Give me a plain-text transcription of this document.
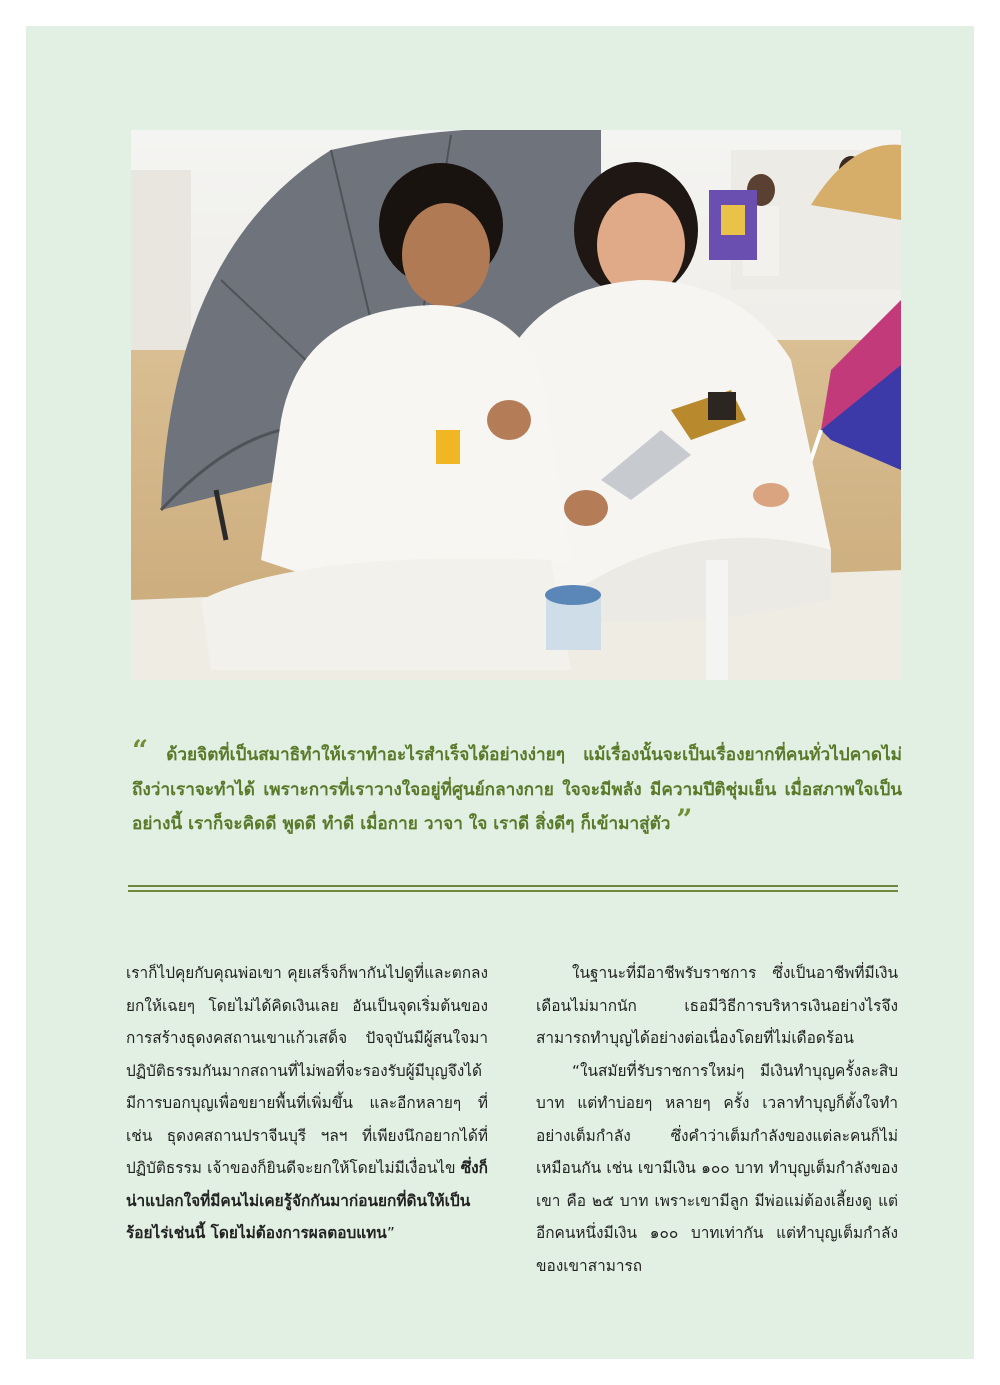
“ ด้วยจิตที่เป็นสมาธิทำให้เราทำอะไรสำเร็จได้อย่างง่ายๆ แม้เรื่องนั้นจะเป็นเรื่องยากที่คนทั่วไปคาดไม่ถึงว่าเราจะทำได้ เพราะการที่เราวางใจอยู่ที่ศูนย์กลางกาย ใจจะมีพลัง มีความปีติชุ่มเย็น เมื่อสภาพใจเป็นอย่างนี้ เราก็จะคิดดี พูดดี ทำดี เมื่อกาย วาจา ใจ เราดี สิ่งดีๆ ก็เข้ามาสู่ตัว ”

เราก็ไปคุยกับคุณพ่อเขา คุยเสร็จก็พากันไปดูที่และตกลงยกให้เฉยๆ โดยไม่ได้คิดเงินเลย อันเป็นจุดเริ่มต้นของการสร้างธุดงคสถานเขาแก้วเสด็จ ปัจจุบันมีผู้สนใจมาปฏิบัติธรรมกันมากสถานที่ไม่พอที่จะรองรับผู้มีบุญจึงได้มีการบอกบุญเพื่อขยายพื้นที่เพิ่มขึ้น และอีกหลายๆ ที่ เช่น ธุดงคสถานปราจีนบุรี ฯลฯ ที่เพียงนึกอยากได้ที่ปฏิบัติธรรม เจ้าของก็ยินดีจะยกให้โดยไม่มีเงื่อนไข ซึ่งก็น่าแปลกใจที่มีคนไม่เคยรู้จักกันมาก่อนยกที่ดินให้เป็นร้อยไร่เช่นนี้ โดยไม่ต้องการผลตอบแทน”

ในฐานะที่มีอาชีพรับราชการ ซึ่งเป็นอาชีพที่มีเงินเดือนไม่มากนัก เธอมีวิธีการบริหารเงินอย่างไรจึงสามารถทำบุญได้อย่างต่อเนื่องโดยที่ไม่เดือดร้อน

“ในสมัยที่รับราชการใหม่ๆ มีเงินทำบุญครั้งละสิบบาท แต่ทำบ่อยๆ หลายๆ ครั้ง เวลาทำบุญก็ตั้งใจทำอย่างเต็มกำลัง ซึ่งคำว่าเต็มกำลังของแต่ละคนก็ไม่เหมือนกัน เช่น เขามีเงิน ๑๐๐ บาท ทำบุญเต็มกำลังของเขา คือ ๒๕ บาท เพราะเขามีลูก มีพ่อแม่ต้องเลี้ยงดู แต่อีกคนหนึ่งมีเงิน ๑๐๐ บาทเท่ากัน แต่ทำบุญเต็มกำลังของเขาสามารถ
